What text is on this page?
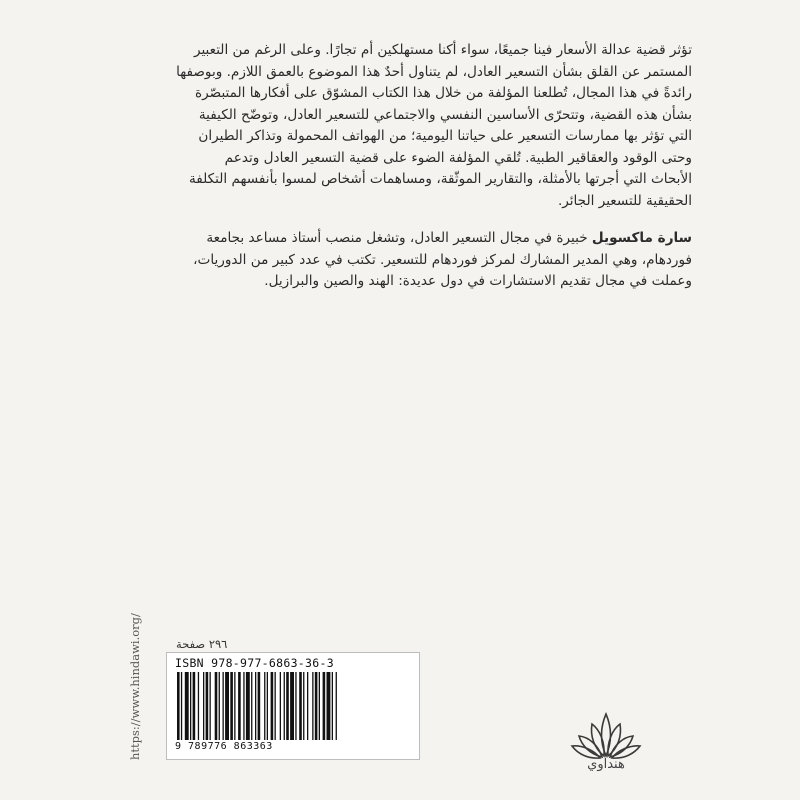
تؤثر قضية عدالة الأسعار فينا جميعًا، سواء أكنا مستهلكين أم تجارًا. وعلى الرغم من التعبير

المستمر عن القلق بشأن التسعير العادل، لم يتناول أحدٌ هذا الموضوع بالعمق اللازم. وبوصفها

رائدةً في هذا المجال، تُطلعنا المؤلفة من خلال هذا الكتاب المشوّق على أفكارها المتبصّرة

بشأن هذه القضية، وتتحرّى الأساسين النفسي والاجتماعي للتسعير العادل، وتوضّح الكيفية

التي تؤثر بها ممارسات التسعير على حياتنا اليومية؛ من الهواتف المحمولة وتذاكر الطيران

وحتى الوقود والعقاقير الطبية. تُلقي المؤلفة الضوء على قضية التسعير العادل وتدعم

الأبحاث التي أجرتها بالأمثلة، والتقارير الموثّقة، ومساهمات أشخاص لمسوا بأنفسهم التكلفة

الحقيقية للتسعير الجائر.

سارة ماكسويل خبيرة في مجال التسعير العادل، وتشغل منصب أستاذ مساعد بجامعة

فوردهام، وهي المدير المشارك لمركز فوردهام للتسعير. تكتب في عدد كبير من الدوريات،

وعملت في مجال تقديم الاستشارات في دول عديدة: الهند والصين والبرازيل.

https://www.hindawi.org/	٢٩٦ صفحة
ISBN 978-977-6863-36-3
9 789776 863363
هنداوي
